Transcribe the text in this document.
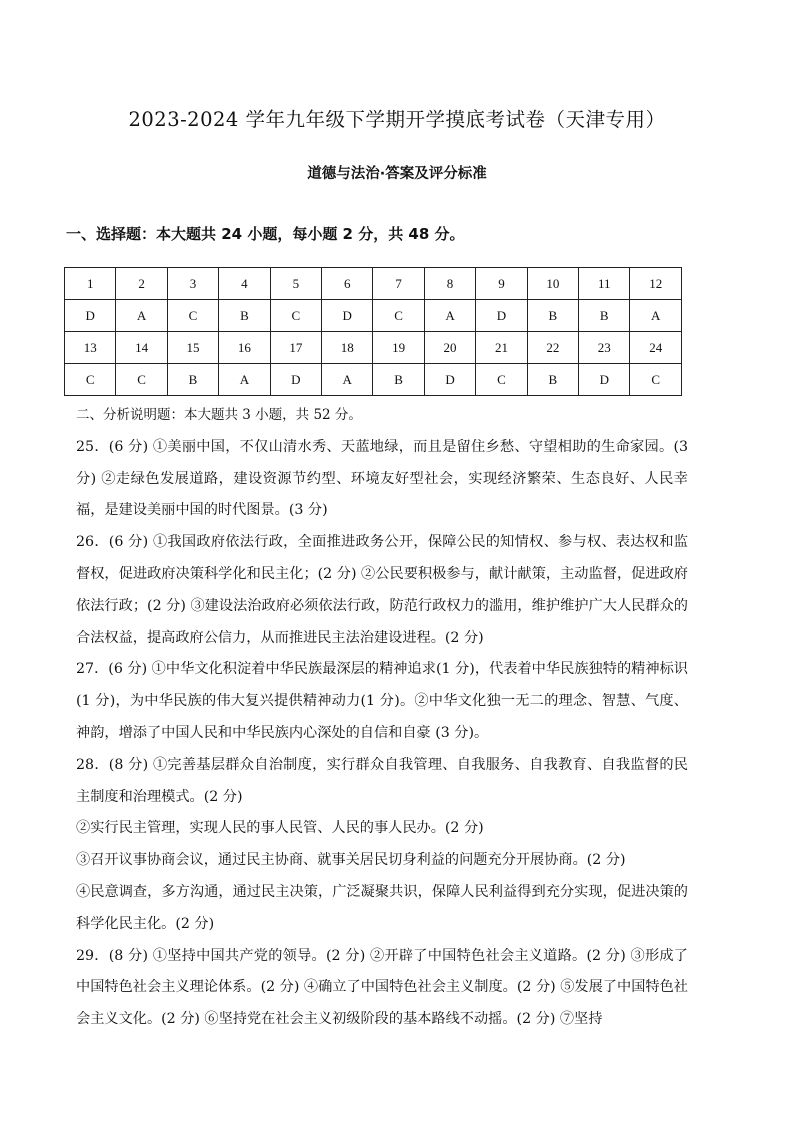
2023-2024 学年九年级下学期开学摸底考试卷（天津专用）
道德与法治·答案及评分标准
一、选择题：本大题共 24 小题，每小题 2 分，共 48 分。
1	2	3	4	5	6	7	8	9	10	11	12
D	A	C	B	C	D	C	A	D	B	B	A
13	14	15	16	17	18	19	20	21	22	23	24
C	C	B	A	D	A	B	D	C	B	D	C

二、分析说明题：本大题共 3 小题，共 52 分。

25．(6 分) ①美丽中国，不仅山清水秀、天蓝地绿，而且是留住乡愁、守望相助的生命家园。(3 分) ②走绿色发展道路，建设资源节约型、环境友好型社会，实现经济繁荣、生态良好、人民幸福，是建设美丽中国的时代图景。(3 分)

26．(6 分) ①我国政府依法行政，全面推进政务公开，保障公民的知情权、参与权、表达权和监督权，促进政府决策科学化和民主化；(2 分) ②公民要积极参与，献计献策，主动监督，促进政府依法行政；(2 分) ③建设法治政府必须依法行政，防范行政权力的滥用，维护维护广大人民群众的合法权益，提高政府公信力，从而推进民主法治建设进程。(2 分)

27．(6 分) ①中华文化积淀着中华民族最深层的精神追求(1 分)，代表着中华民族独特的精神标识(1 分)，为中华民族的伟大复兴提供精神动力(1 分)。②中华文化独一无二的理念、智慧、气度、神韵，增添了中国人民和中华民族内心深处的自信和自豪 (3 分)。

28．(8 分) ①完善基层群众自治制度，实行群众自我管理、自我服务、自我教育、自我监督的民主制度和治理模式。(2 分)

②实行民主管理，实现人民的事人民管、人民的事人民办。(2 分)

③召开议事协商会议，通过民主协商、就事关居民切身利益的问题充分开展协商。(2 分)

④民意调查，多方沟通，通过民主决策，广泛凝聚共识，保障人民利益得到充分实现，促进决策的科学化民主化。(2 分)

29．(8 分) ①坚持中国共产党的领导。(2 分) ②开辟了中国特色社会主义道路。(2 分) ③形成了中国特色社会主义理论体系。(2 分) ④确立了中国特色社会主义制度。(2 分) ⑤发展了中国特色社会主义文化。(2 分) ⑥坚持党在社会主义初级阶段的基本路线不动摇。(2 分) ⑦坚持
